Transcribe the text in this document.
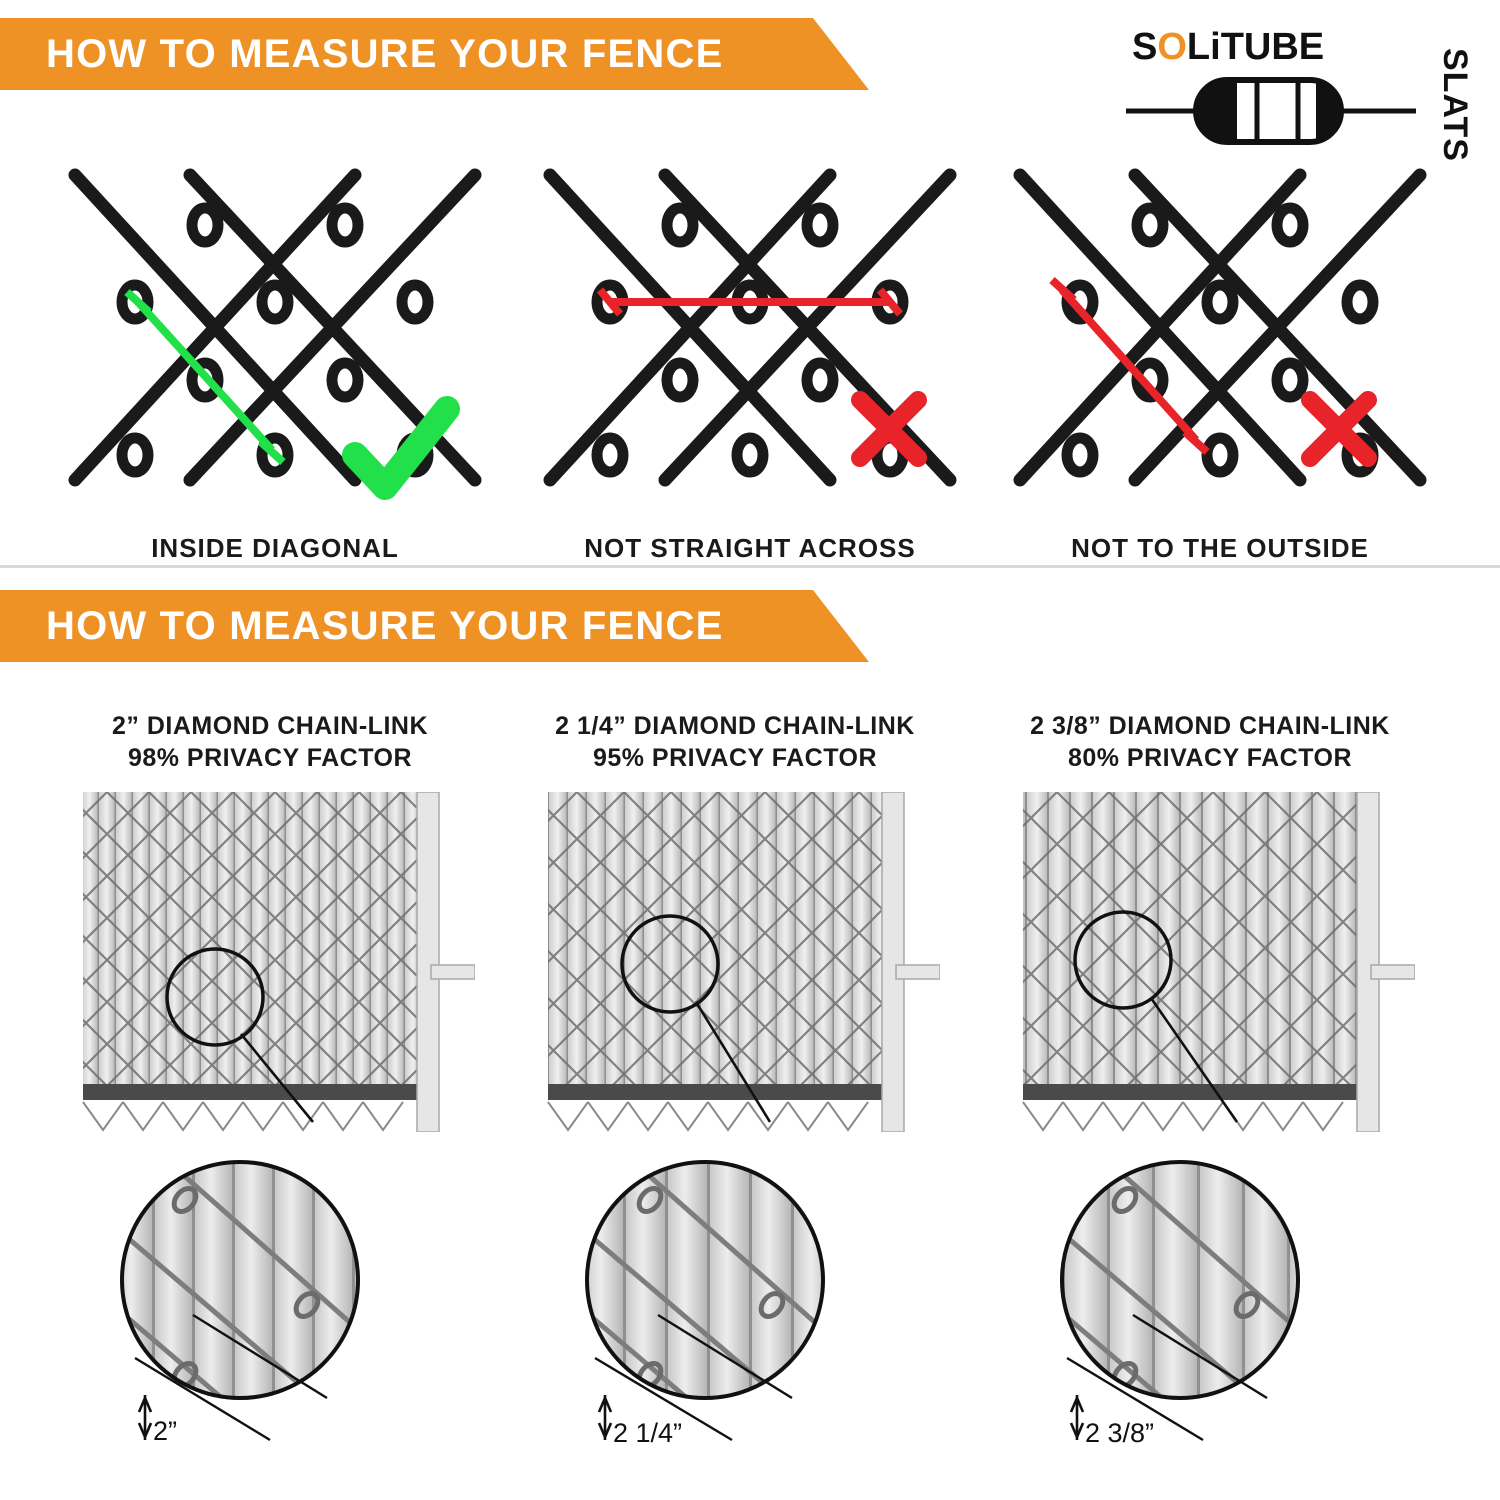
HOW TO MEASURE YOUR FENCE	SOLiTUBE
SLATS
INSIDE DIAGONAL	NOT STRAIGHT ACROSS	NOT TO THE OUTSIDE
HOW TO MEASURE YOUR FENCE
2” DIAMOND CHAIN-LINK
98% PRIVACY FACTOR
2”
2 1/4” DIAMOND CHAIN-LINK
95% PRIVACY FACTOR
2 1/4”
2 3/8” DIAMOND CHAIN-LINK
80% PRIVACY FACTOR
2 3/8”
